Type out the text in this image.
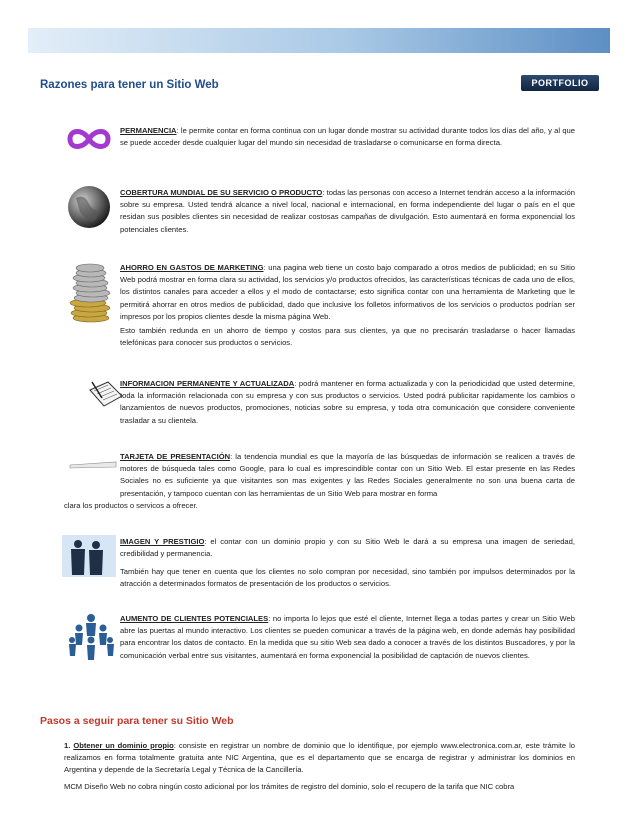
Razones para tener un Sitio Web	PORTFOLIO
PERMANENCIA: le permite contar en forma continua con un lugar donde mostrar su actividad durante todos los días del año, y al que se puede acceder desde cualquier lugar del mundo sin necesidad de trasladarse o comunicarse en forma directa.
COBERTURA MUNDIAL DE SU SERVICIO O PRODUCTO: todas las personas con acceso a Internet tendrán acceso a la información sobre su empresa. Usted tendrá alcance a nivel local, nacional e internacional, en forma independiente del lugar o país en el que residan sus posibles clientes sin necesidad de realizar costosas campañas de divulgación. Esto aumentará en forma exponencial los potenciales clientes.
AHORRO EN GASTOS DE MARKETING: una pagina web tiene un costo bajo comparado a otros medios de publicidad; en su Sitio Web podrá mostrar en forma clara su actividad, los servicios y/o productos ofrecidos, las características técnicas de cada uno de ellos, los distintos canales para acceder a ellos y el modo de contactarse; esto significa contar con una herramienta de Marketing que le permitirá ahorrar en otros medios de publicidad, dado que inclusive los folletos informativos de los servicios o productos podrían ser impresos por los propios clientes desde la misma página Web.
Esto también redunda en un ahorro de tiempo y costos para sus clientes, ya que no precisarán trasladarse o hacer llamadas telefónicas para conocer sus productos o servicios.
INFORMACION PERMANENTE Y ACTUALIZADA: podrá mantener en forma actualizada y con la periodicidad que usted determine, toda la información relacionada con su empresa y con sus productos o servicios. Usted podrá publicitar rapidamente los cambios o lanzamientos de nuevos productos, promociones, noticias sobre su empresa, y toda otra comunicación que considere conveniente trasladar a su clientela.
TARJETA DE PRESENTACIÓN: la tendencia mundial es que la mayoría de las búsquedas de información se realicen a través de motores de búsqueda tales como Google, para lo cual es imprescindible contar con un Sitio Web. El estar presente en las Redes Sociales no es suficiente ya que visitantes son mas exigentes y las Redes Sociales generalmente no son una buena carta de presentación, y tampoco cuentan con las herramientas de un Sitio Web para mostrar en forma
clara los productos o servicos a ofrecer.
IMAGEN Y PRESTIGIO: el contar con un dominio propio y con su Sitio Web le dará a su empresa una imagen de seriedad, credibilidad y permanencia.
También hay que tener en cuenta que los clientes no solo compran por necesidad, sino también por impulsos determinados por la atracción a determinados formatos de presentación de los productos o servicios.
AUMENTO DE CLIENTES POTENCIALES: no importa lo lejos que esté el cliente, Internet llega a todas partes y crear un Sitio Web abre las puertas al mundo interactivo. Los clientes se pueden comunicar a través de la página web, en donde además hay posibilidad para encontrar los datos de contacto. En la medida que su sitio Web sea dado a conocer a través de los distintos Buscadores, y por la comunicación verbal entre sus visitantes, aumentará en forma exponencial la posibilidad de captación de nuevos clientes.
Pasos a seguir para tener su Sitio Web
1. Obtener un dominio propio: consiste en registrar un nombre de dominio que lo identifique, por ejemplo www.electronica.com.ar, este trámite lo realizamos en forma totalmente gratuita ante NIC Argentina, que es el departamento que se encarga de registrar y administrar los dominios en Argentina y depende de la Secretaría Legal y Técnica de la Cancillería.
MCM Diseño Web no cobra ningún costo adicional por los trámites de registro del dominio, solo el recupero de la tarifa que NIC cobra
